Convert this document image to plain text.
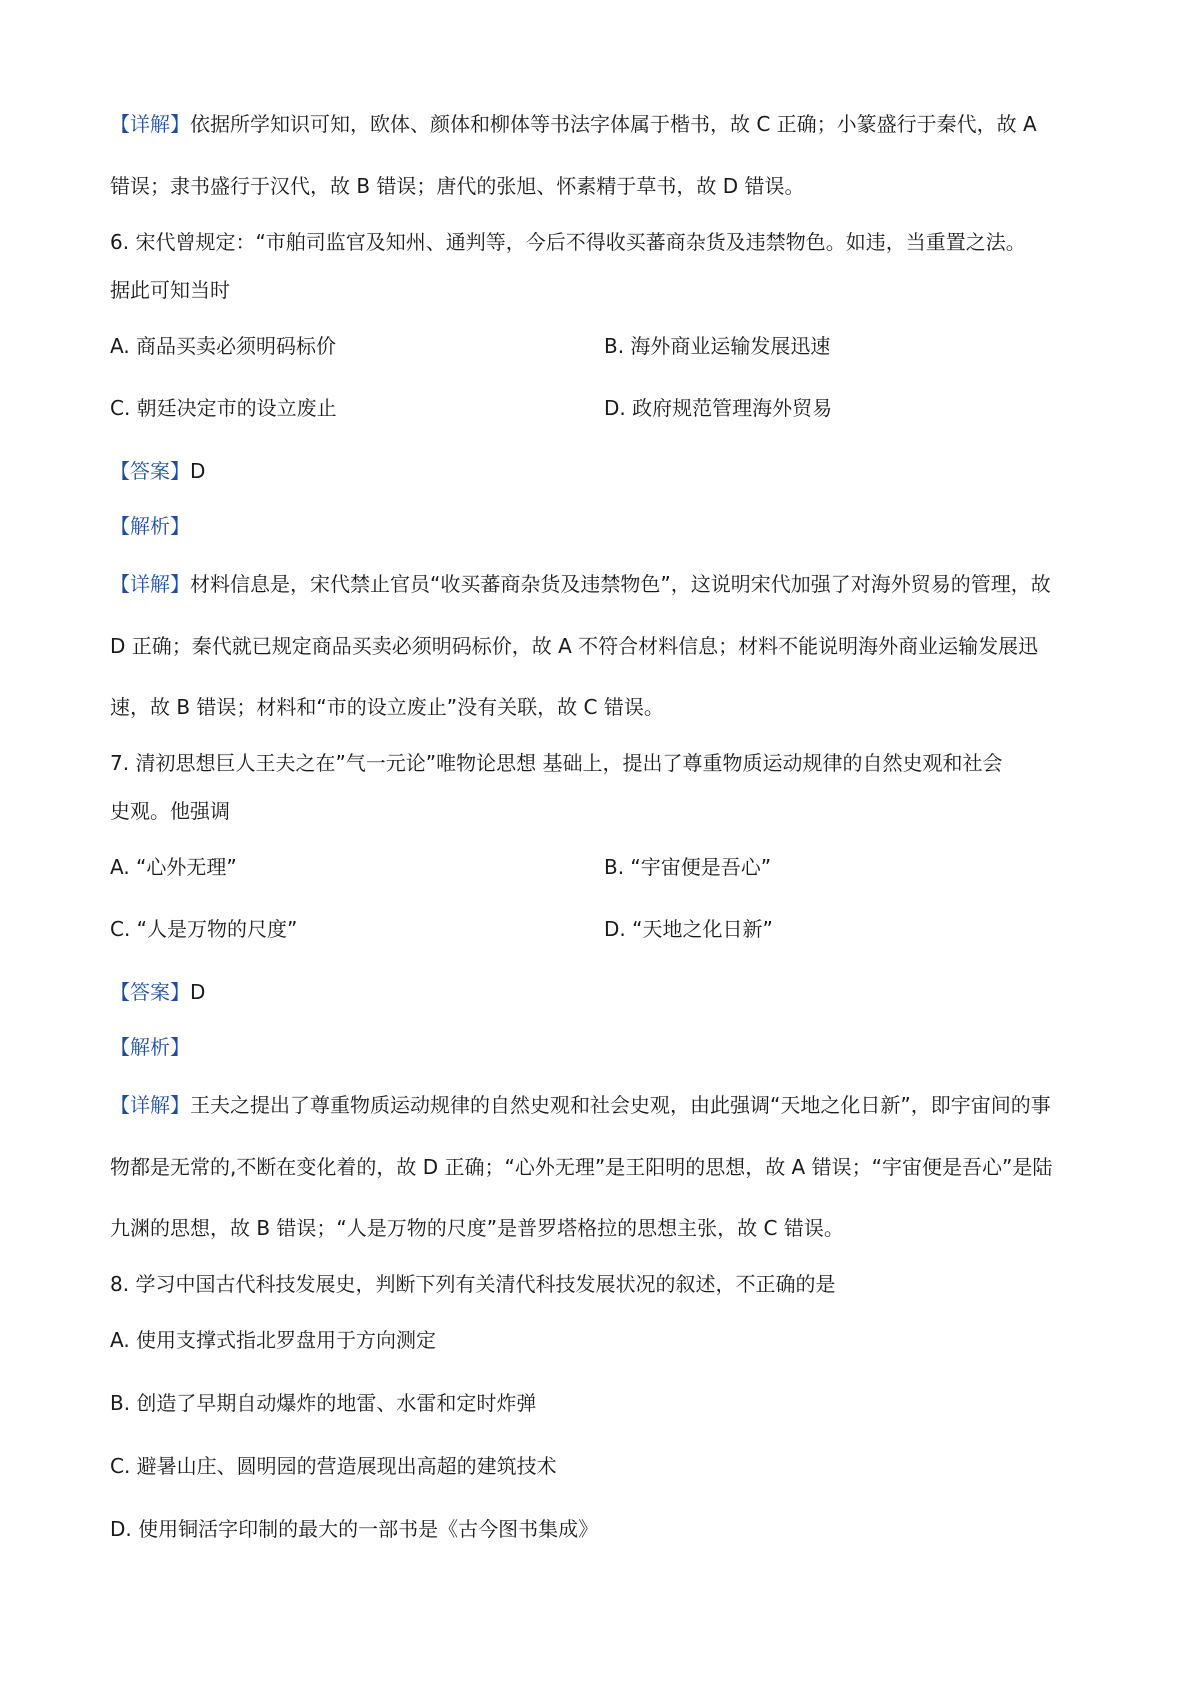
【详解】依据所学知识可知，欧体、颜体和柳体等书法字体属于楷书，故 C 正确；小篆盛行于秦代，故 A
错误；隶书盛行于汉代，故 B 错误；唐代的张旭、怀素精于草书，故 D 错误。
6. 宋代曾规定：“市舶司监官及知州、通判等，今后不得收买蕃商杂货及违禁物色。如违，当重置之法。
据此可知当时
A. 商品买卖必须明码标价	B. 海外商业运输发展迅速
C. 朝廷决定市的设立废止	D. 政府规范管理海外贸易
【答案】D
【解析】
【详解】材料信息是，宋代禁止官员“收买蕃商杂货及违禁物色”，这说明宋代加强了对海外贸易的管理，故
D 正确；秦代就已规定商品买卖必须明码标价，故 A 不符合材料信息；材料不能说明海外商业运输发展迅
速，故 B 错误；材料和“市的设立废止”没有关联，故 C 错误。
7. 清初思想巨人王夫之在”气一元论”唯物论思想 基础上，提出了尊重物质运动规律的自然史观和社会
史观。他强调
A. “心外无理”	B. “宇宙便是吾心”
C. “人是万物的尺度”	D. “天地之化日新”
【答案】D
【解析】
【详解】王夫之提出了尊重物质运动规律的自然史观和社会史观，由此强调“天地之化日新”，即宇宙间的事
物都是无常的,不断在变化着的，故 D 正确；“心外无理”是王阳明的思想，故 A 错误；“宇宙便是吾心”是陆
九渊的思想，故 B 错误；“人是万物的尺度”是普罗塔格拉的思想主张，故 C 错误。
8. 学习中国古代科技发展史，判断下列有关清代科技发展状况的叙述，不正确的是
A. 使用支撑式指北罗盘用于方向测定
B. 创造了早期自动爆炸的地雷、水雷和定时炸弹
C. 避暑山庄、圆明园的营造展现出高超的建筑技术
D. 使用铜活字印制的最大的一部书是《古今图书集成》
